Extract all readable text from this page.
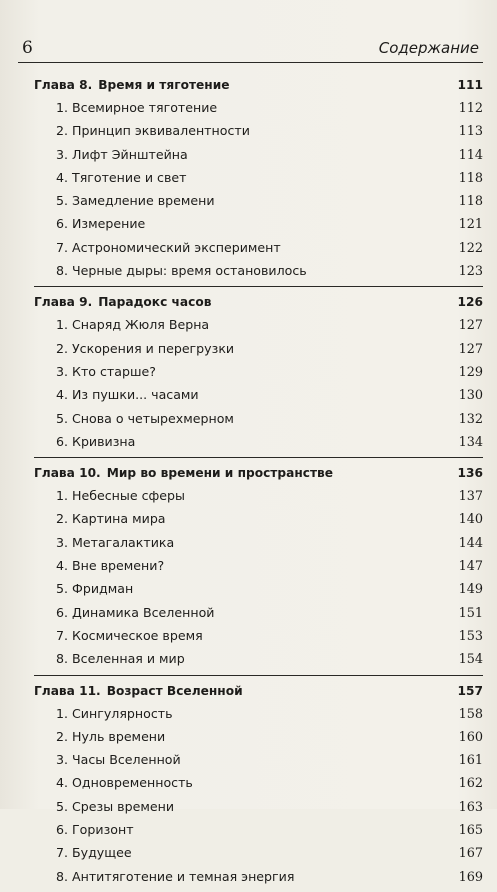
6	Содержание
Глава 8. Время и тяготение . . .	111
1. Всемирное тяготение . . .	112
2. Принцип эквивалентности . . .	113
3. Лифт Эйнштейна . . .	114
4. Тяготение и свет . . .	118
5. Замедление времени . . .	118
6. Измерение . . .	121
7. Астрономический эксперимент . . .	122
8. Черные дыры: время остановилось . . .	123
Глава 9. Парадокс часов . . .	126
1. Снаряд Жюля Верна . . .	127
2. Ускорения и перегрузки . . .	127
3. Кто старше? . . .	129
4. Из пушки... часами . . .	130
5. Снова о четырехмерном . . .	132
6. Кривизна . . .	134
Глава 10. Мир во времени и пространстве . . .	136
1. Небесные сферы . . .	137
2. Картина мира . . .	140
3. Метагалактика . . .	144
4. Вне времени? . . .	147
5. Фридман . . .	149
6. Динамика Вселенной . . .	151
7. Космическое время . . .	153
8. Вселенная и мир . . .	154
Глава 11. Возраст Вселенной . . .	157
1. Сингулярность . . .	158
2. Нуль времени . . .	160
3. Часы Вселенной . . .	161
4. Одновременность . . .	162
5. Срезы времени . . .	163
6. Горизонт . . .	165
7. Будущее . . .	167
8. Антитяготение и темная энергия . . .	169
